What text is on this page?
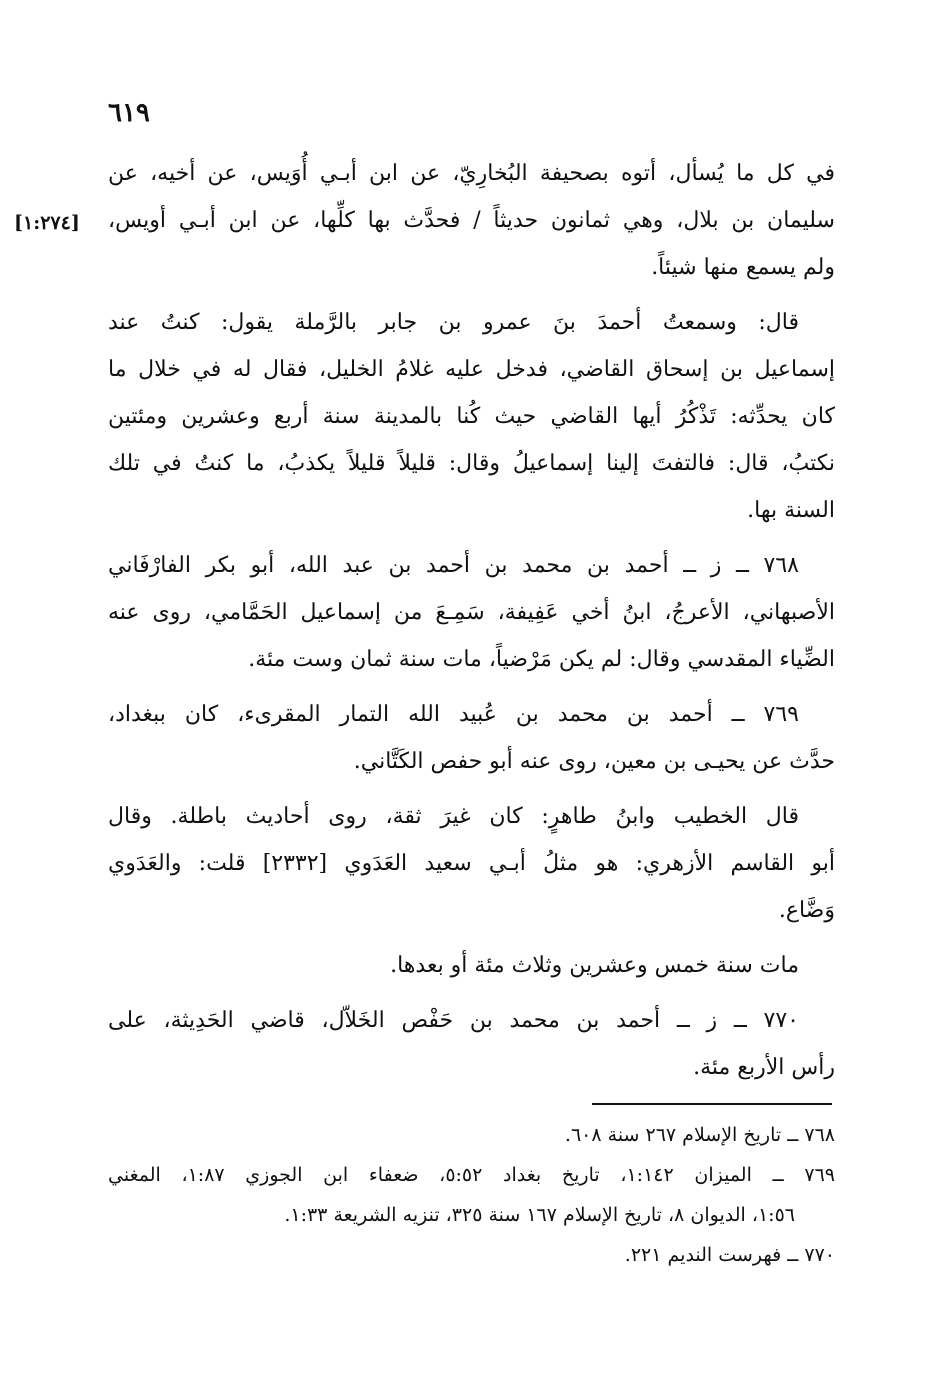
٦١٩
[١:٢٧٤]
في كل ما يُسأل، أتوه بصحيفة البُخارِيّ، عن ابن أبـي أُوَيس، عن أخيه، عن
سليمان بن بلال، وهي ثمانون حديثاً / فحدَّث بها كلِّها، عن ابن أبـي أويس،
ولم يسمع منها شيئاً.
قال: وسمعتُ أحمدَ بنَ عمرو بن جابر بالرَّملة يقول: كنتُ عند
إسماعيل بن إسحاق القاضي، فدخل عليه غلامُ الخليل، فقال له في خلال ما
كان يحدِّثه: تَذْكُرُ أيها القاضي حيث كُنا بالمدينة سنة أربع وعشرين ومئتين
نكتبُ، قال: فالتفتَ إلينا إسماعيلُ وقال: قليلاً قليلاً يكذبُ، ما كنتُ في تلك
السنة بها.
٧٦٨ ــ ز ــ أحمد بن محمد بن أحمد بن عبد الله، أبو بكر الفارْفَاني
الأصبهاني، الأعرجُ، ابنُ أخي عَفِيفة، سَمِـعَ من إسماعيل الحَمَّامي، روى عنه
الضِّياء المقدسي وقال: لم يكن مَرْضياً، مات سنة ثمان وست مئة.
٧٦٩ ــ أحمد بن محمد بن عُبيد الله التمار المقرىء، كان ببغداد،
حدَّث عن يحيـى بن معين، روى عنه أبو حفص الكَتَّاني.
قال الخطيب وابنُ طاهرٍ: كان غيرَ ثقة، روى أحاديث باطلة. وقال
أبو القاسم الأزهري: هو مثلُ أبـي سعيد العَدَوي [٢٣٣٢] قلت: والعَدَوي
وَضَّاع.
مات سنة خمس وعشرين وثلاث مئة أو بعدها.
٧٧٠ ــ ز ــ أحمد بن محمد بن حَفْص الخَلاّل، قاضي الحَدِيثة، على
رأس الأربع مئة.
٧٦٨ ــ تاريخ الإسلام ٢٦٧ سنة ٦٠٨.
٧٦٩ ــ الميزان ١:١٤٢، تاريخ بغداد ٥:٥٢، ضعفاء ابن الجوزي ١:٨٧، المغني
١:٥٦، الديوان ٨، تاريخ الإسلام ١٦٧ سنة ٣٢٥، تنزيه الشريعة ١:٣٣.
٧٧٠ ــ فهرست النديم ٢٢١.
